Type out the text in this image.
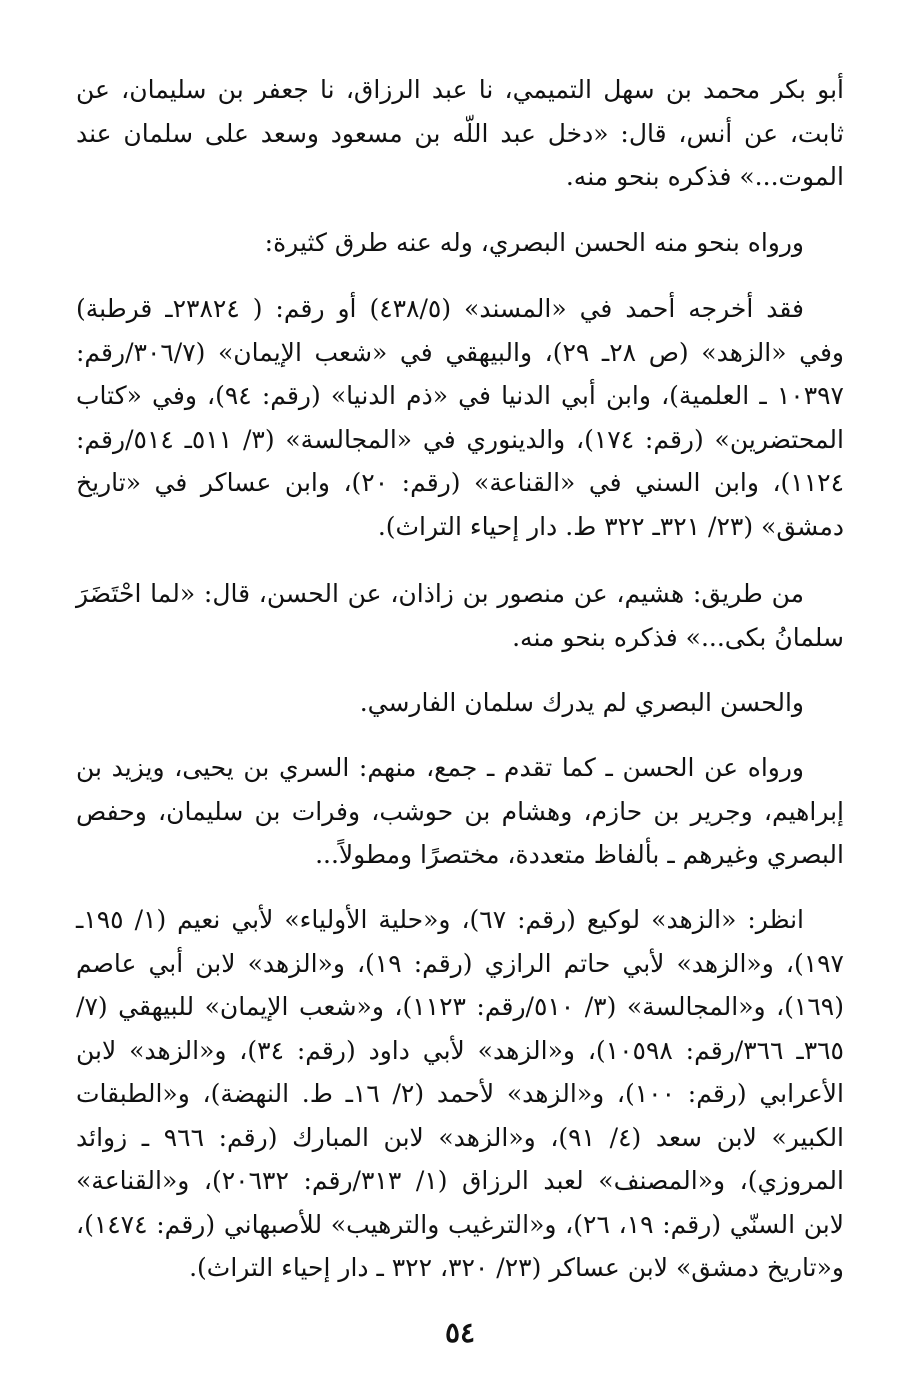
أبو بكر محمد بن سهل التميمي، نا عبد الرزاق، نا جعفر بن سليمان، عن ثابت، عن أنس، قال: «دخل عبد اللّه بن مسعود وسعد على سلمان عند الموت...» فذكره بنحو منه.

ورواه بنحو منه الحسن البصري، وله عنه طرق كثيرة:

فقد أخرجه أحمد في «المسند» (٤٣٨/٥) أو رقم: ( ٢٣٨٢٤ـ قرطبة) وفي «الزهد» (ص ٢٨ـ ٢٩)، والبيهقي في «شعب الإيمان» (٣٠٦/٧/رقم: ١٠٣٩٧ ـ العلمية)، وابن أبي الدنيا في «ذم الدنيا» (رقم: ٩٤)، وفي «كتاب المحتضرين» (رقم: ١٧٤)، والدينوري في «المجالسة» (٣/ ٥١١ـ ٥١٤/رقم: ١١٢٤)، وابن السني في «القناعة» (رقم: ٢٠)، وابن عساكر في «تاريخ دمشق» (٢٣/ ٣٢١ـ ٣٢٢ ط. دار إحياء التراث).

من طريق: هشيم، عن منصور بن زاذان، عن الحسن، قال: «لما احْتَضَرَ سلمانُ بكى...» فذكره بنحو منه.

والحسن البصري لم يدرك سلمان الفارسي.

ورواه عن الحسن ـ كما تقدم ـ جمع، منهم: السري بن يحيى، ويزيد بن إبراهيم، وجرير بن حازم، وهشام بن حوشب، وفرات بن سليمان، وحفص البصري وغيرهم ـ بألفاظ متعددة، مختصرًا ومطولاً...

انظر: «الزهد» لوكيع (رقم: ٦٧)، و«حلية الأولياء» لأبي نعيم (١/ ١٩٥ـ ١٩٧)، و«الزهد» لأبي حاتم الرازي (رقم: ١٩)، و«الزهد» لابن أبي عاصم (١٦٩)، و«المجالسة» (٣/ ٥١٠/رقم: ١١٢٣)، و«شعب الإيمان» للبيهقي (٧/ ٣٦٥ـ ٣٦٦/رقم: ١٠٥٩٨)، و«الزهد» لأبي داود (رقم: ٣٤)، و«الزهد» لابن الأعرابي (رقم: ١٠٠)، و«الزهد» لأحمد (٢/ ١٦ـ ط. النهضة)، و«الطبقات الكبير» لابن سعد (٤/ ٩١)، و«الزهد» لابن المبارك (رقم: ٩٦٦ ـ زوائد المروزي)، و«المصنف» لعبد الرزاق (١/ ٣١٣/رقم: ٢٠٦٣٢)، و«القناعة» لابن السنّي (رقم: ١٩، ٢٦)، و«الترغيب والترهيب» للأصبهاني (رقم: ١٤٧٤)، و«تاريخ دمشق» لابن عساكر (٢٣/ ٣٢٠، ٣٢٢ ـ دار إحياء التراث).

٥٤
